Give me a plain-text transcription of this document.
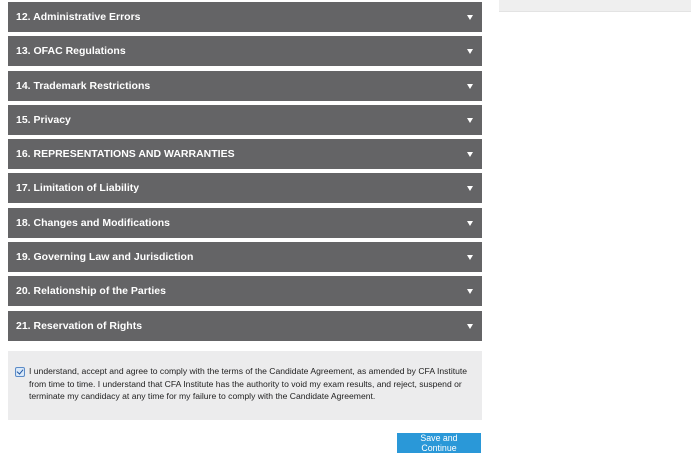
12. Administrative Errors
13. OFAC Regulations
14. Trademark Restrictions
15. Privacy
16. REPRESENTATIONS AND WARRANTIES
17. Limitation of Liability
18. Changes and Modifications
19. Governing Law and Jurisdiction
20. Relationship of the Parties
21. Reservation of Rights
I understand, accept and agree to comply with the terms of the Candidate Agreement, as amended by CFA Institute from time to time. I understand that CFA Institute has the authority to void my exam results, and reject, suspend or terminate my candidacy at any time for my failure to comply with the Candidate Agreement.
Save and Continue
